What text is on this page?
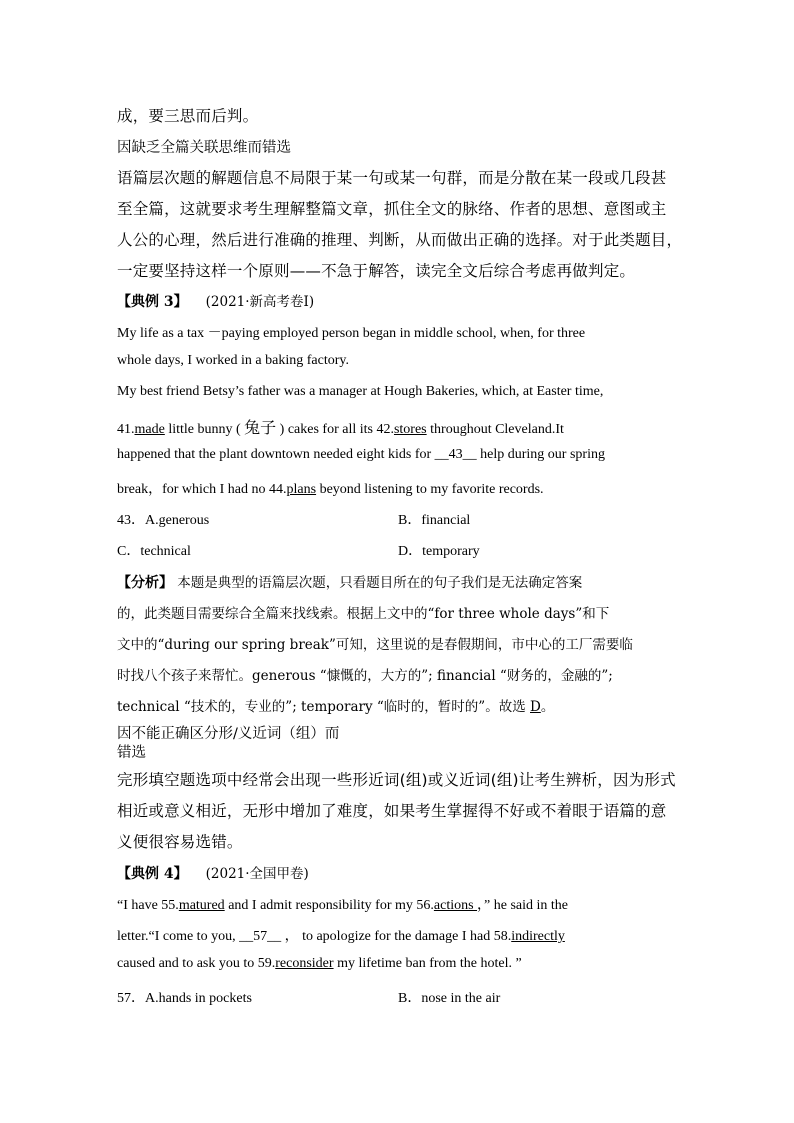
成，要三思而后判。
因缺乏全篇关联思维而错选
语篇层次题的解题信息不局限于某一句或某一句群，而是分散在某一段或几段甚
至全篇，这就要求考生理解整篇文章，抓住全文的脉络、作者的思想、意图或主
人公的心理，然后进行准确的推理、判断，从而做出正确的选择。对于此类题目，
一定要坚持这样一个原则——不急于解答，读完全文后综合考虑再做判定。
【典例 3】 (2021·新高考卷Ⅰ)
My life as a tax －paying employed person began in middle school, when, for three
whole days, I worked in a baking factory.
My best friend Betsy’s father was a manager at Hough Bakeries, which, at Easter time,
41.made little bunny ( 兔子 ) cakes for all its 42.stores throughout Cleveland.It
happened that the plant downtown needed eight kids for __43__ help during our spring
break，for which I had no 44.plans beyond listening to my favorite records.
43．A.generous	B．financial
C．technical	D．temporary
【分析】 本题是典型的语篇层次题，只看题目所在的句子我们是无法确定答案
的，此类题目需要综合全篇来找线索。根据上文中的“for three whole days”和下
文中的“during our spring break”可知，这里说的是春假期间，市中心的工厂需要临
时找八个孩子来帮忙。generous “慷慨的，大方的”; financial “财务的，金融的”;
technical “技术的，专业的”; temporary “临时的，暂时的”。故选 D。
因不能正确区分形/义近词（组）而
错选
完形填空题选项中经常会出现一些形近词(组)或义近词(组)让考生辨析，因为形式
相近或意义相近，无形中增加了难度，如果考生掌握得不好或不着眼于语篇的意
义便很容易选错。
【典例 4】 (2021·全国甲卷)
“I have 55.matured and I admit responsibility for my 56.actions ，” he said in the
letter.“I come to you, __57__ ， to apologize for the damage I had 58.indirectly
caused and to ask you to 59.reconsider my lifetime ban from the hotel. ”
57．A.hands in pockets	B．nose in the air
